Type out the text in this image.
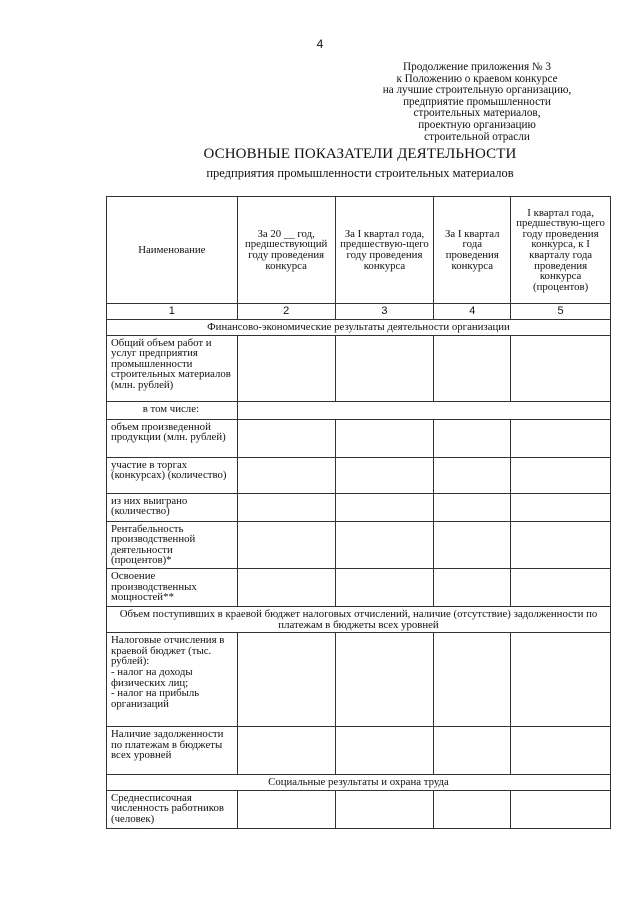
4
Продолжение приложения № 3
к Положению о краевом конкурсе
на лучшие строительную организацию,
предприятие промышленности
строительных материалов,
проектную организацию
строительной отрасли
ОСНОВНЫЕ ПОКАЗАТЕЛИ ДЕЯТЕЛЬНОСТИ
предприятия промышленности строительных материалов
Наименование	За 20 __ год, предшествующий году проведения конкурса	За I квартал года, предшествую-щего году проведения конкурса	За I квартал года проведения конкурса	I квартал года, предшествую-щего году проведения конкурса, к I кварталу года проведения конкурса (процентов)
1	2	3	4	5
Финансово-экономические результаты деятельности организации				
Общий объем работ и услуг предприятия промышленности строительных материалов (млн. рублей)				
в том числе:				
объем произведенной продукции (млн. рублей)				
участие в торгах (конкурсах) (количество)				
из них выиграно (количество)				
Рентабельность производственной деятельности (процентов)*				
Освоение производственных мощностей**				
Объем поступивших в краевой бюджет налоговых отчислений, наличие (отсутствие) задолженности по платежам в бюджеты всех уровней				

Налоговые отчисления в краевой бюджет (тыс. рублей):
- налог на доходы физических лиц;
- налог на прибыль организаций				

Наличие задолженности по платежам в бюджеты всех уровней				
Социальные результаты и охрана труда				
Среднесписочная численность работников (человек)				
